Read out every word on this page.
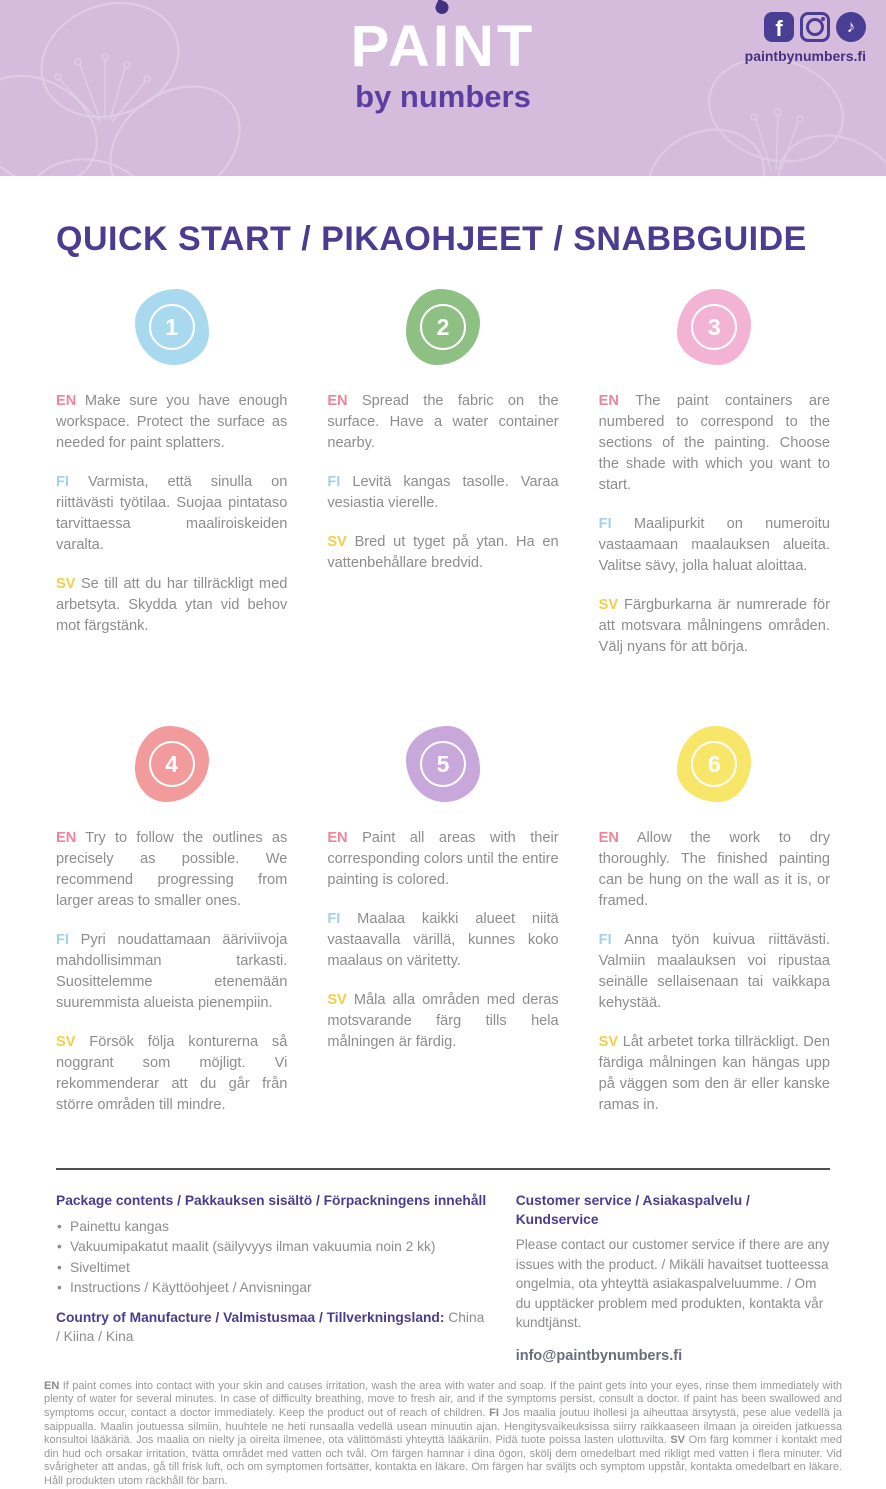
PAI
NT
by numbers
f	♪
paintbynumbers.fi
QUICK START / PIKAOHJEET / SNABBGUIDE
1

EN Make sure you have enough workspace. Protect the surface as needed for paint splatters.

FI Varmista, että sinulla on riittävästi työtilaa. Suojaa pintataso tarvittaessa maaliroiskeiden varalta.

SV Se till att du har tillräckligt med arbetsyta. Skydda ytan vid behov mot färgstänk.

2

EN Spread the fabric on the surface. Have a water container nearby.

FI Levitä kangas tasolle. Varaa vesiastia vierelle.

SV Bred ut tyget på ytan. Ha en vattenbehållare bredvid.

3

EN The paint containers are numbered to correspond to the sections of the painting. Choose the shade with which you want to start.

FI Maalipurkit on numeroitu vastaamaan maalauksen alueita. Valitse sävy, jolla haluat aloittaa.

SV Färgburkarna är numrerade för att motsvara målningens områden. Välj nyans för att börja.

4

EN Try to follow the outlines as precisely as possible. We recommend progressing from larger areas to smaller ones.

FI Pyri noudattamaan ääriviivoja mahdollisimman tarkasti. Suosittelemme etenemään suuremmista alueista pienempiin.

SV Försök följa konturerna så noggrant som möjligt. Vi rekommenderar att du går från större områden till mindre.

5

EN Paint all areas with their corresponding colors until the entire painting is colored.

FI Maalaa kaikki alueet niitä vastaavalla värillä, kunnes koko maalaus on väritetty.

SV Måla alla områden med deras motsvarande färg tills hela målningen är färdig.

6

EN Allow the work to dry thoroughly. The finished painting can be hung on the wall as it is, or framed.

FI Anna työn kuivua riittävästi. Valmiin maalauksen voi ripustaa seinälle sellaisenaan tai vaikkapa kehystää.

SV Låt arbetet torka tillräckligt. Den färdiga målningen kan hängas upp på väggen som den är eller kanske ramas in.

Package contents / Pakkauksen sisältö / Förpackningens innehåll
• Painettu kangas
• Vakuumipakatut maalit (säilyvyys ilman vakuumia noin 2 kk)
• Siveltimet
• Instructions / Käyttöohjeet / Anvisningar
Country of Manufacture / Valmistusmaa / Tillverkningsland: China / Kiina / Kina
Customer service / Asiakaspalvelu / Kundservice

Please contact our customer service if there are any issues with the product. / Mikäli havaitset tuotteessa ongelmia, ota yhteyttä asiakaspalveluumme. / Om du upptäcker problem med produkten, kontakta vår kundtjänst.

info@paintbynumbers.fi

EN If paint comes into contact with your skin and causes irritation, wash the area with water and soap. If the paint gets into your eyes, rinse them immediately with plenty of water for several minutes. In case of difficulty breathing, move to fresh air, and if the symptoms persist, consult a doctor. If paint has been swallowed and symptoms occur, contact a doctor immediately. Keep the product out of reach of children. FI Jos maalia joutuu ihollesi ja aiheuttaa ärsytystä, pese alue vedellä ja saippualla. Maalin joutuessa silmiin, huuhtele ne heti runsaalla vedellä usean minuutin ajan. Hengitysvaikeuksissa siirry raikkaaseen ilmaan ja oireiden jatkuessa konsultoi lääkäriä. Jos maalia on nielty ja oireita ilmenee, ota välittömästi yhteyttä lääkäriin. Pidä tuote poissa lasten ulottuvilta. SV Om färg kommer i kontakt med din hud och orsakar irritation, tvätta området med vatten och tvål. Om färgen hamnar i dina ögon, skölj dem omedelbart med rikligt med vatten i flera minuter. Vid svårigheter att andas, gå till frisk luft, och om symptomen fortsätter, kontakta en läkare. Om färgen har sväljts och symptom uppstår, kontakta omedelbart en läkare. Håll produkten utom räckhåll för barn.
